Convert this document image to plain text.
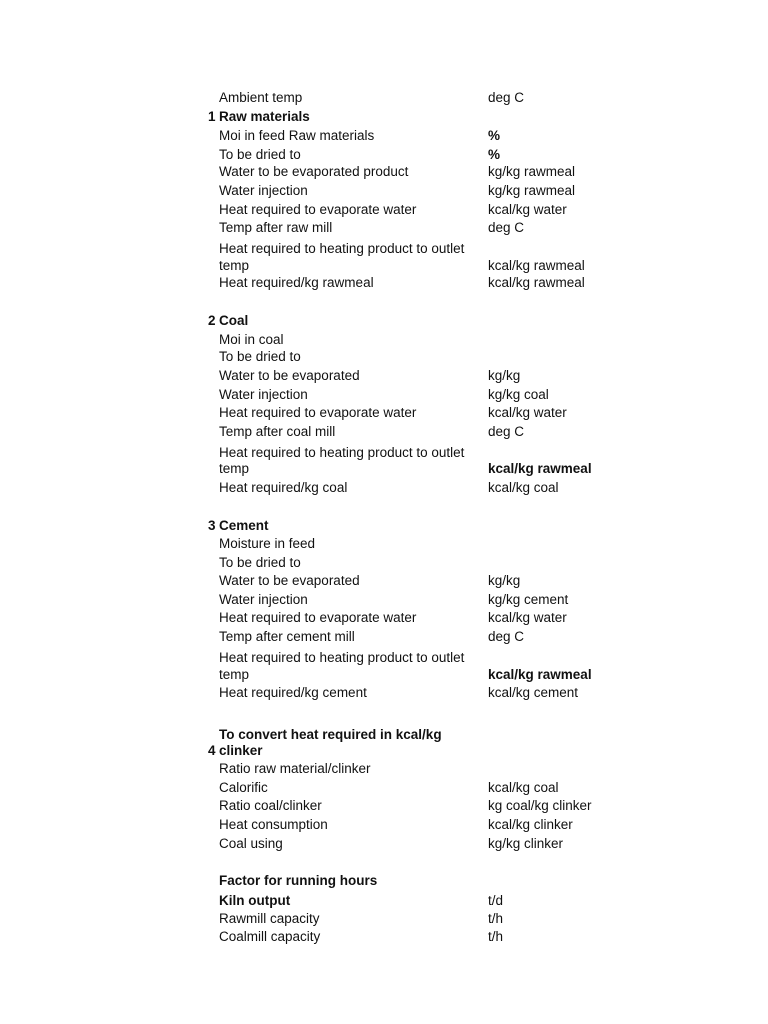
Ambient temp	deg C
1 Raw materials
Moi in feed Raw materials	%
To be dried to	%
Water to be evaporated product	kg/kg rawmeal
Water injection	kg/kg rawmeal
Heat required to evaporate water	kcal/kg water
Temp after raw mill	deg C
Heat required to heating product to outlet
temp	kcal/kg rawmeal
Heat required/kg rawmeal	kcal/kg rawmeal
2 Coal
Moi in coal
To be dried to
Water to be evaporated	kg/kg
Water injection	kg/kg coal
Heat required to evaporate water	kcal/kg water
Temp after coal mill	deg C
Heat required to heating product to outlet
temp	kcal/kg rawmeal
Heat required/kg coal	kcal/kg coal
3 Cement
Moisture in feed
To be dried to
Water to be evaporated	kg/kg
Water injection	kg/kg cement
Heat required to evaporate water	kcal/kg water
Temp after cement mill	deg C
Heat required to heating product to outlet
temp	kcal/kg rawmeal
Heat required/kg cement	kcal/kg cement
To convert heat required in kcal/kg
4 clinker
Ratio raw material/clinker
Calorific	kcal/kg coal
Ratio coal/clinker	kg coal/kg clinker
Heat consumption	kcal/kg clinker
Coal using	kg/kg clinker
Factor for running hours
Kiln output	t/d
Rawmill capacity	t/h
Coalmill capacity	t/h
